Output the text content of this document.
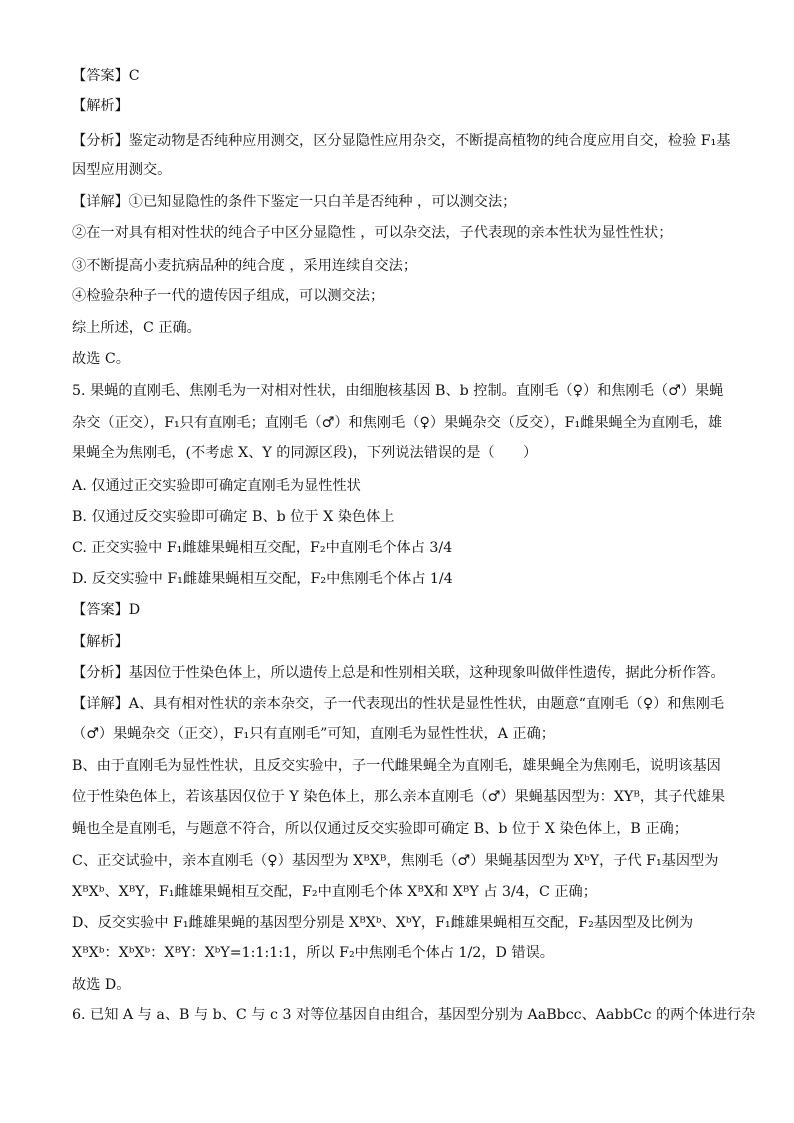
【答案】C
【解析】
【分析】鉴定动物是否纯种应用测交，区分显隐性应用杂交，不断提高植物的纯合度应用自交，检验 F₁基
因型应用测交。
【详解】①已知显隐性的条件下鉴定一只白羊是否纯种 ，可以测交法；
②在一对具有相对性状的纯合子中区分显隐性 ，可以杂交法，子代表现的亲本性状为显性性状；
③不断提高小麦抗病品种的纯合度 ，采用连续自交法；
④检验杂种子一代的遗传因子组成，可以测交法；
综上所述，C 正确。
故选 C。
5. 果蝇的直刚毛、焦刚毛为一对相对性状，由细胞核基因 B、b 控制。直刚毛（♀）和焦刚毛（♂）果蝇
杂交（正交），F₁只有直刚毛；直刚毛（♂）和焦刚毛（♀）果蝇杂交（反交），F₁雌果蝇全为直刚毛，雄
果蝇全为焦刚毛，(不考虑 X、Y 的同源区段)，下列说法错误的是（　　）
A. 仅通过正交实验即可确定直刚毛为显性性状
B. 仅通过反交实验即可确定 B、b 位于 X 染色体上
C. 正交实验中 F₁雌雄果蝇相互交配，F₂中直刚毛个体占 3/4
D. 反交实验中 F₁雌雄果蝇相互交配，F₂中焦刚毛个体占 1/4
【答案】D
【解析】
【分析】基因位于性染色体上，所以遗传上总是和性别相关联，这种现象叫做伴性遗传，据此分析作答。
【详解】A、具有相对性状的亲本杂交，子一代表现出的性状是显性性状，由题意“直刚毛（♀）和焦刚毛
（♂）果蝇杂交（正交），F₁只有直刚毛”可知，直刚毛为显性性状，A 正确；
B、由于直刚毛为显性性状，且反交实验中，子一代雌果蝇全为直刚毛，雄果蝇全为焦刚毛，说明该基因
位于性染色体上，若该基因仅位于 Y 染色体上，那么亲本直刚毛（♂）果蝇基因型为：XYᴮ，其子代雄果
蝇也全是直刚毛，与题意不符合，所以仅通过反交实验即可确定 B、b 位于 X 染色体上，B 正确；
C、正交试验中，亲本直刚毛（♀）基因型为 XᴮXᴮ，焦刚毛（♂）果蝇基因型为 XᵇY，子代 F₁基因型为
XᴮXᵇ、XᴮY，F₁雌雄果蝇相互交配，F₂中直刚毛个体 XᴮX和 XᴮY 占 3/4，C 正确；
D、反交实验中 F₁雌雄果蝇的基因型分别是 XᴮXᵇ、XᵇY，F₁雌雄果蝇相互交配，F₂基因型及比例为
XᴮXᵇ：XᵇXᵇ：XᴮY：XᵇY=1:1:1:1，所以 F₂中焦刚毛个体占 1/2，D 错误。
故选 D。
6. 已知 A 与 a、B 与 b、C 与 c 3 对等位基因自由组合，基因型分别为 AaBbcc、AabbCc 的两个体进行杂
